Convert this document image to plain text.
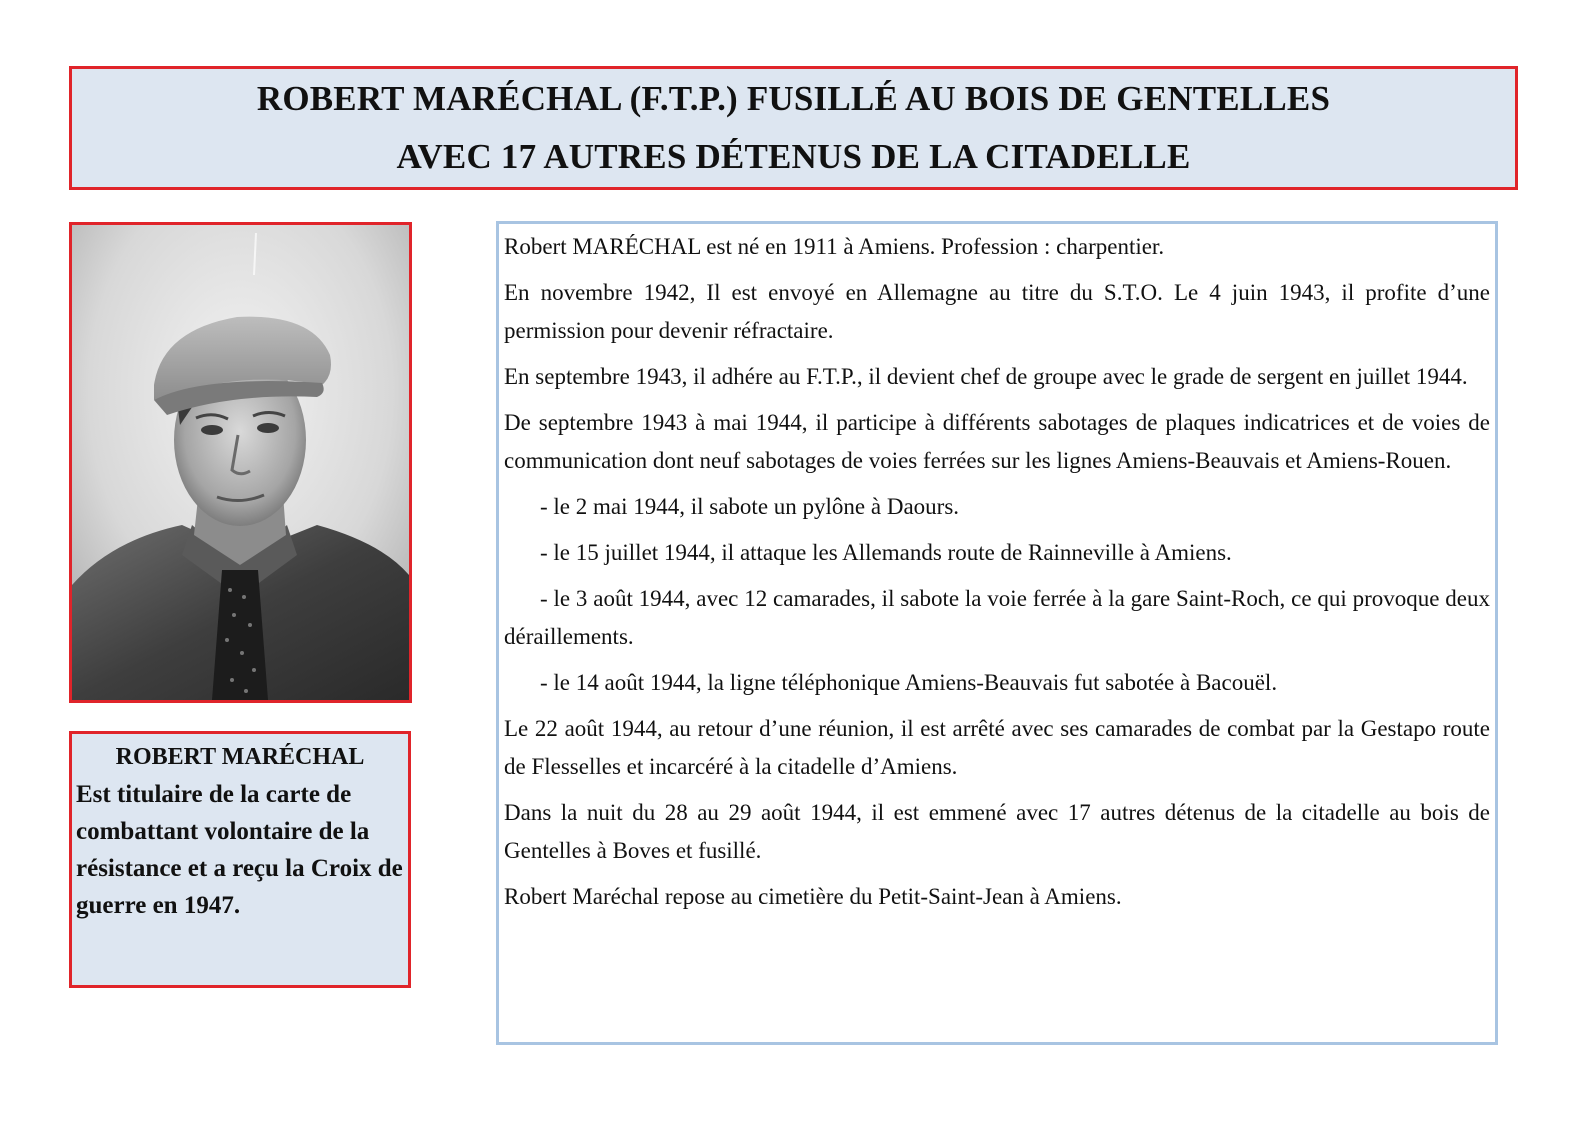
ROBERT MARÉCHAL (F.T.P.) FUSILLÉ AU BOIS DE GENTELLES
AVEC 17 AUTRES DÉTENUS DE LA CITADELLE
ROBERT MARÉCHAL
Est titulaire de la carte de combattant volontaire de la résistance et a reçu la Croix de guerre en 1947.

Robert MARÉCHAL est né en 1911 à Amiens. Profession : charpentier.

En novembre 1942, Il est envoyé en Allemagne au titre du S.T.O. Le 4 juin 1943, il profite d’une permission pour devenir réfractaire.

En septembre 1943, il adhére au F.T.P., il devient chef de groupe avec le grade de sergent en juillet 1944.

De septembre 1943 à mai 1944, il participe à différents sabotages de plaques indicatrices et de voies de communication dont neuf sabotages de voies ferrées sur les lignes Amiens-Beauvais et Amiens-Rouen.

- le 2 mai 1944, il sabote un pylône à Daours.

- le 15 juillet 1944, il attaque les Allemands route de Rainneville à Amiens.

- le 3 août 1944, avec 12 camarades, il sabote la voie ferrée à la gare Saint-Roch, ce qui provoque deux déraillements.

- le 14 août 1944, la ligne téléphonique Amiens-Beauvais fut sabotée à Bacouël.

Le 22 août 1944, au retour d’une réunion, il est arrêté avec ses camarades de combat par la Gestapo route de Flesselles et incarcéré à la citadelle d’Amiens.

Dans la nuit du 28 au 29 août 1944, il est emmené avec 17 autres détenus de la citadelle au bois de Gentelles à Boves et fusillé.

Robert Maréchal repose au cimetière du Petit-Saint-Jean à Amiens.
